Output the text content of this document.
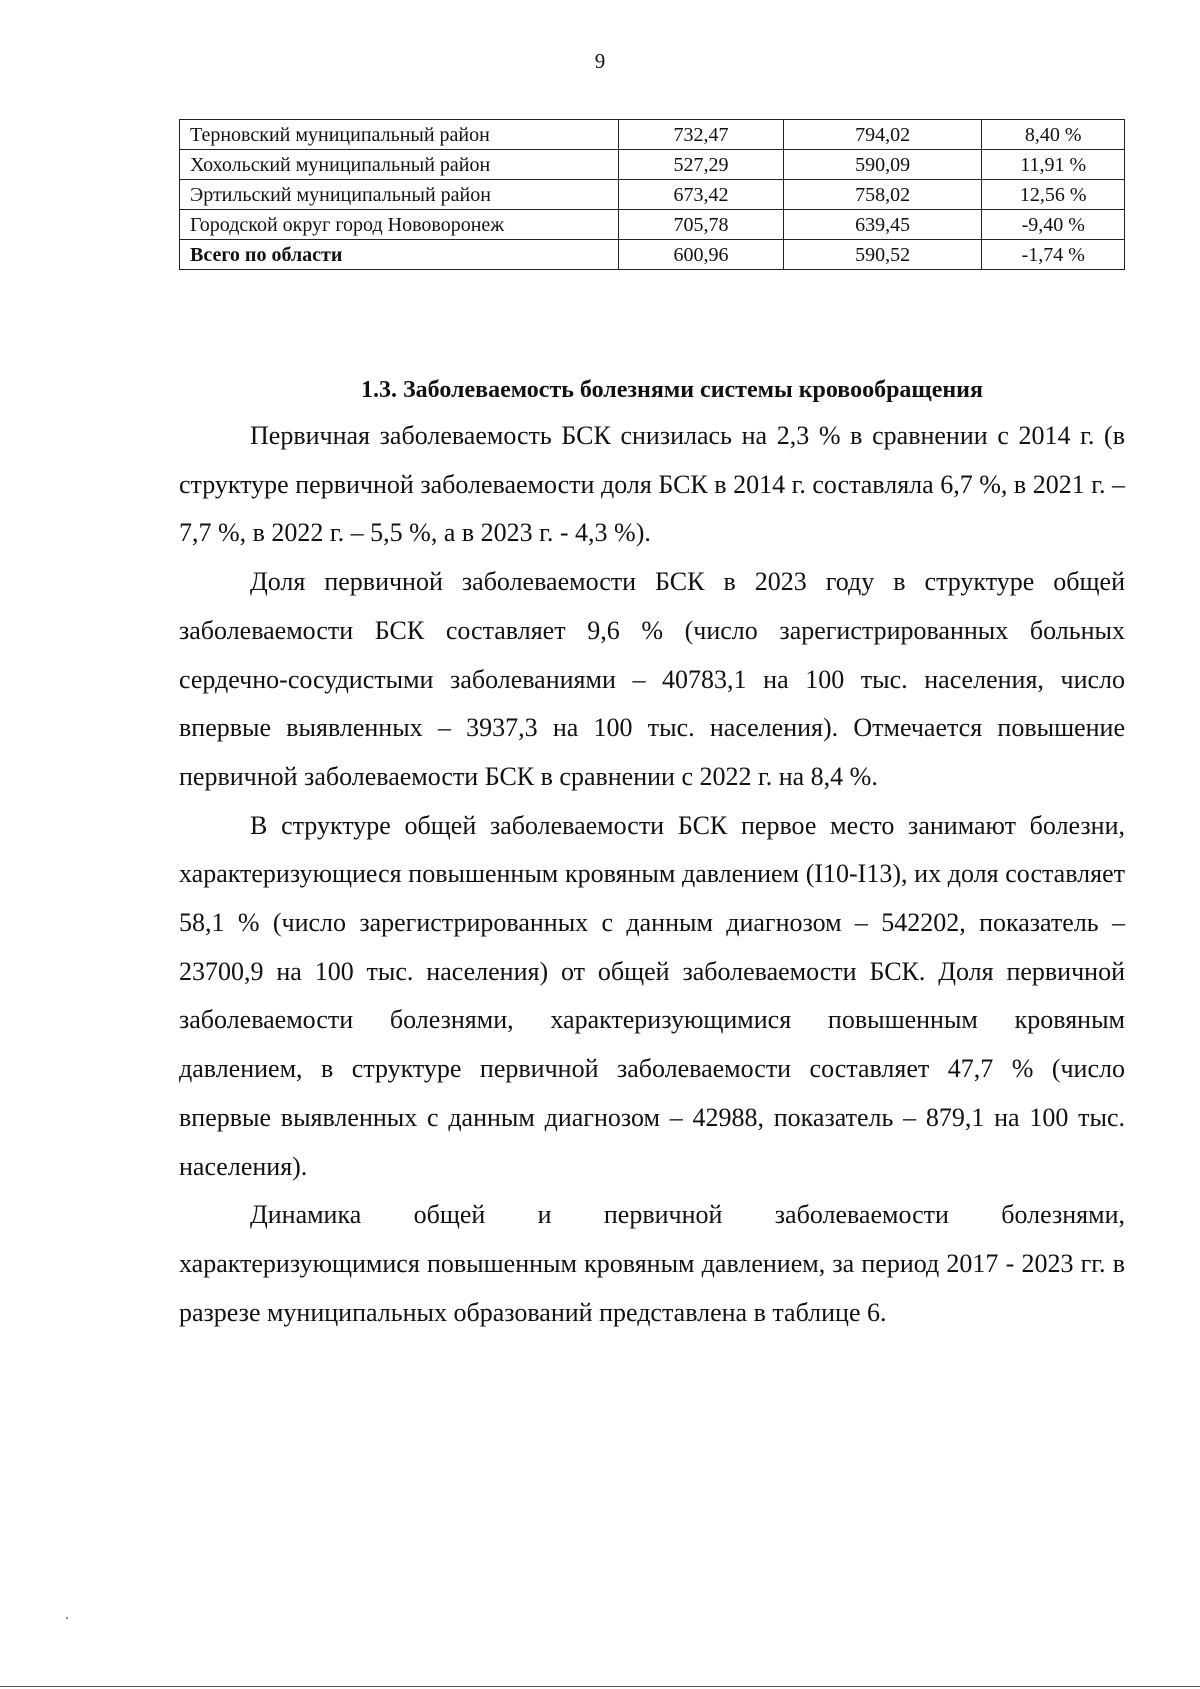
9
Терновский муниципальный район	732,47	794,02	8,40 %
Хохольский муниципальный район	527,29	590,09	11,91 %
Эртильский муниципальный район	673,42	758,02	12,56 %
Городской округ город Нововоронеж	705,78	639,45	-9,40 %
Всего по области	600,96	590,52	-1,74 %
1.3. Заболеваемость болезнями системы кровообращения

Первичная заболеваемость БСК снизилась на 2,3 % в сравнении с 2014 г. (в структуре первичной заболеваемости доля БСК в 2014 г. составляла 6,7 %, в 2021 г. – 7,7 %, в 2022 г. – 5,5 %, а в 2023 г. - 4,3 %).

Доля первичной заболеваемости БСК в 2023 году в структуре общей заболеваемости БСК составляет 9,6 % (число зарегистрированных больных сердечно-сосудистыми заболеваниями – 40783,1 на 100 тыс. населения, число впервые выявленных – 3937,3 на 100 тыс. населения). Отмечается повышение первичной заболеваемости БСК в сравнении с 2022 г. на 8,4 %.

В структуре общей заболеваемости БСК первое место занимают болезни, характеризующиеся повышенным кровяным давлением (I10-I13), их доля составляет 58,1 % (число зарегистрированных с данным диагнозом – 542202, показатель – 23700,9 на 100 тыс. населения) от общей заболеваемости БСК. Доля первичной заболеваемости болезнями, характеризующимися повышенным кровяным давлением, в структуре первичной заболеваемости составляет 47,7 % (число впервые выявленных с данным диагнозом – 42988, показатель – 879,1 на 100 тыс. населения).

Динамика общей и первичной заболеваемости болезнями, характеризующимися повышенным кровяным давлением, за период 2017 - 2023 гг. в разрезе муниципальных образований представлена в таблице 6.
